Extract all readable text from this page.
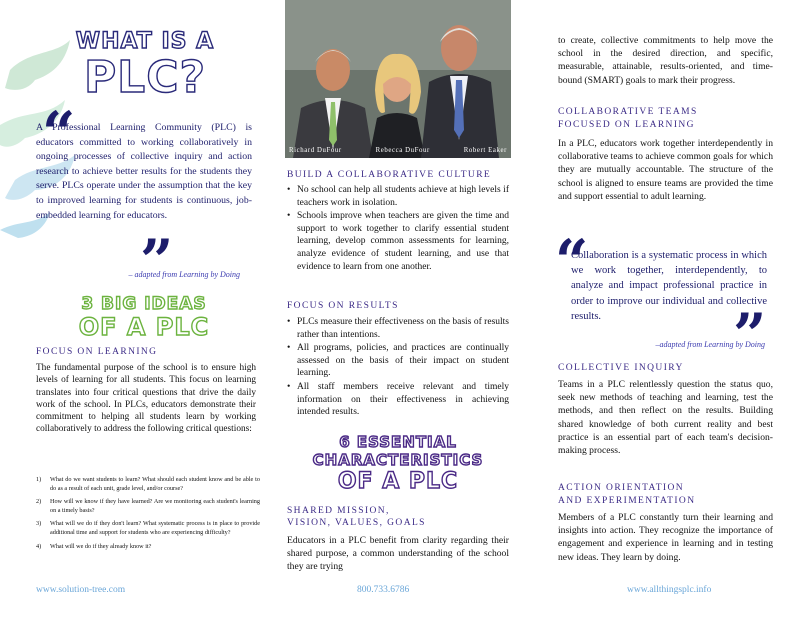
WHAT IS A
PLC?
“
”

A Professional Learning Community (PLC) is educators committed to working collaboratively in ongoing processes of collective inquiry and action research to achieve better results for the students they serve. PLCs operate under the assumption that the key to improved learning for students is continuous, job-embedded learning for educators.

– adapted from Learning by Doing
3 BIG IDEAS
OF A PLC
FOCUS ON LEARNING

The fundamental purpose of the school is to ensure high levels of learning for all students. This focus on learning translates into four critical questions that drive the daily work of the school. In PLCs, educators demonstrate their commitment to helping all students learn by working collaboratively to address the following critical questions:

1) What do we want students to learn? What should each student know and be able to do as a result of each unit, grade level, and/or course?
2) How will we know if they have learned? Are we monitoring each student's learning on a timely basis?
3) What will we do if they don't learn? What systematic process is in place to provide additional time and support for students who are experiencing difficulty?
4) What will we do if they already know it?
Richard DuFour	Rebecca DuFour	Robert Eaker
BUILD A COLLABORATIVE CULTURE
• No school can help all students achieve at high levels if teachers work in isolation.
• Schools improve when teachers are given the time and support to work together to clarify essential student learning, develop common assessments for learning, analyze evidence of student learning, and use that evidence to learn from one another.
FOCUS ON RESULTS
• PLCs measure their effectiveness on the basis of results rather than intentions.
• All programs, policies, and practices are continually assessed on the basis of their impact on student learning.
• All staff members receive relevant and timely information on their effectiveness in achieving intended results.
6 ESSENTIAL
CHARACTERISTICS
OF A PLC
SHARED MISSION,
VISION, VALUES, GOALS

Educators in a PLC benefit from clarity regarding their shared purpose, a common understanding of the school they are trying

800.733.6786

to create, collective commitments to help move the school in the desired direction, and specific, measurable, attainable, results-oriented, and time-bound (SMART) goals to mark their progress.

COLLABORATIVE TEAMS
FOCUSED ON LEARNING

In a PLC, educators work together interdependently in collaborative teams to achieve common goals for which they are mutually accountable. The structure of the school is aligned to ensure teams are provided the time and support essential to adult learning.

“
”

Collaboration is a systematic process in which we work together, interdependently, to analyze and impact professional practice in order to improve our individual and collective results.

–adapted from Learning by Doing
COLLECTIVE INQUIRY

Teams in a PLC relentlessly question the status quo, seek new methods of teaching and learning, test the methods, and then reflect on the results. Building shared knowledge of both current reality and best practice is an essential part of each team's decision-making process.

ACTION ORIENTATION
AND EXPERIMENTATION

Members of a PLC constantly turn their learning and insights into action. They recognize the importance of engagement and experience in learning and in testing new ideas. They learn by doing.

www.allthingsplc.info
www.solution-tree.com
